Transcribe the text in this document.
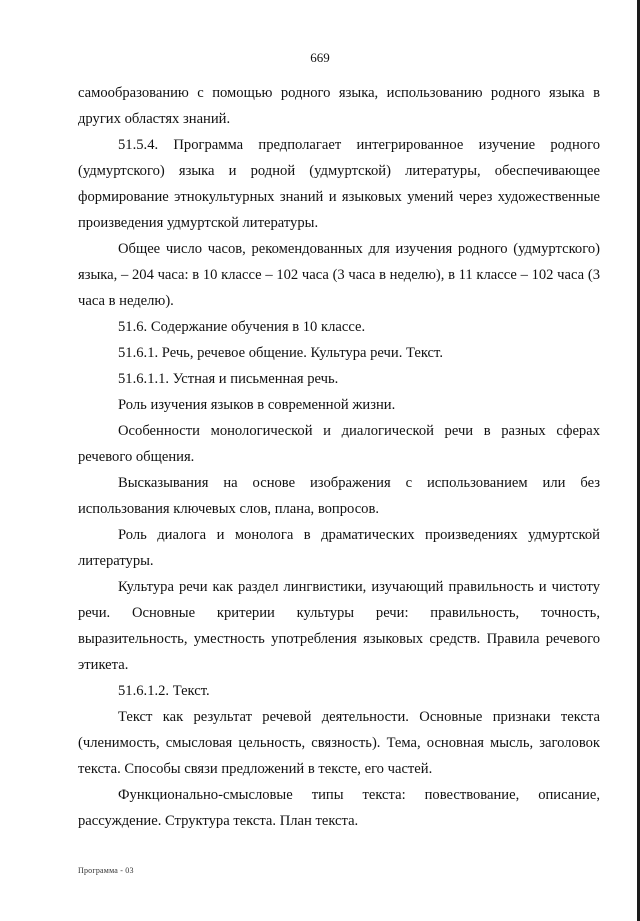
669

самообразованию с помощью родного языка, использованию родного языка в других областях знаний.

51.5.4. Программа предполагает интегрированное изучение родного (удмуртского) языка и родной (удмуртской) литературы, обеспечивающее формирование этнокультурных знаний и языковых умений через художественные произведения удмуртской литературы.

Общее число часов, рекомендованных для изучения родного (удмуртского) языка, – 204 часа: в 10 классе – 102 часа (3 часа в неделю), в 11 классе – 102 часа (3 часа в неделю).

51.6. Содержание обучения в 10 классе.

51.6.1. Речь, речевое общение. Культура речи. Текст.

51.6.1.1. Устная и письменная речь.

Роль изучения языков в современной жизни.

Особенности монологической и диалогической речи в разных сферах речевого общения.

Высказывания на основе изображения с использованием или без использования ключевых слов, плана, вопросов.

Роль диалога и монолога в драматических произведениях удмуртской литературы.

Культура речи как раздел лингвистики, изучающий правильность и чистоту речи. Основные критерии культуры речи: правильность, точность, выразительность, уместность употребления языковых средств. Правила речевого этикета.

51.6.1.2. Текст.

Текст как результат речевой деятельности. Основные признаки текста (членимость, смысловая цельность, связность). Тема, основная мысль, заголовок текста. Способы связи предложений в тексте, его частей.

Функционально-смысловые типы текста: повествование, описание, рассуждение. Структура текста. План текста.

Программа - 03
